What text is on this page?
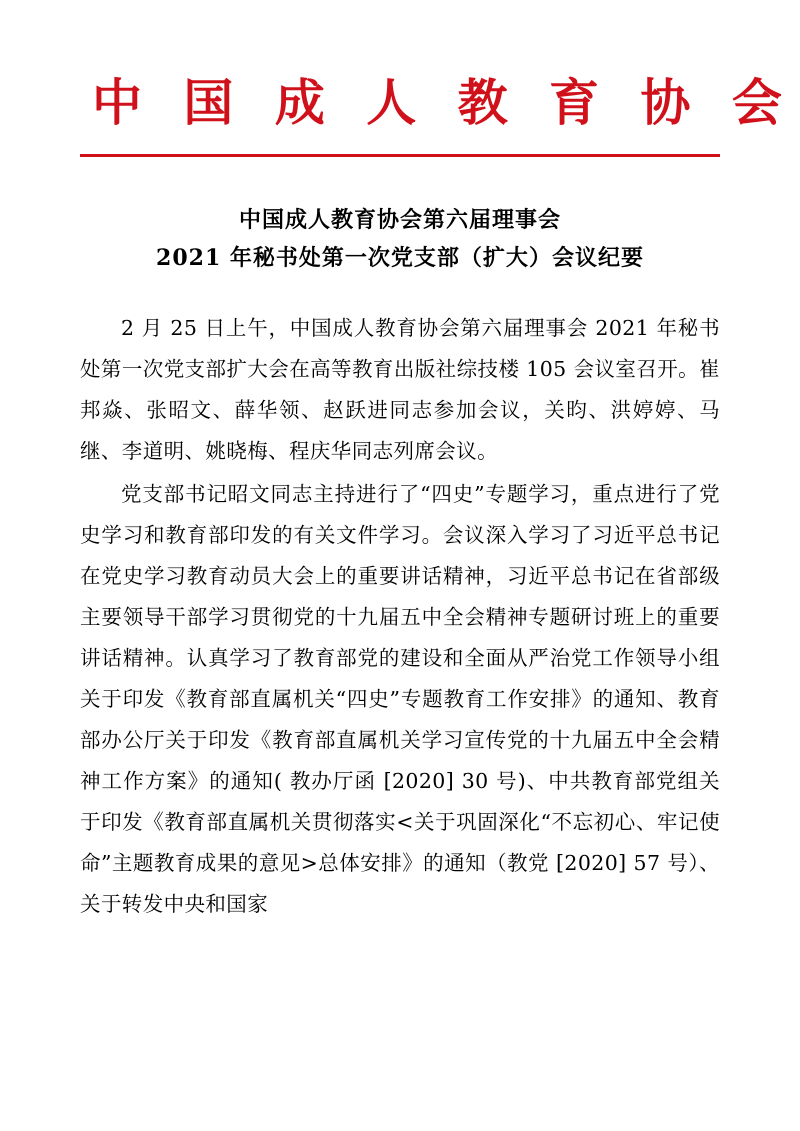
中 国 成 人 教 育 协 会
中国成人教育协会第六届理事会
2021 年秘书处第一次党支部（扩大）会议纪要

2 月 25 日上午，中国成人教育协会第六届理事会 2021 年秘书处第一次党支部扩大会在高等教育出版社综技楼 105 会议室召开。崔邦焱、张昭文、薛华领、赵跃进同志参加会议，关昀、洪婷婷、马继、李道明、姚晓梅、程庆华同志列席会议。

党支部书记昭文同志主持进行了“四史”专题学习，重点进行了党史学习和教育部印发的有关文件学习。会议深入学习了习近平总书记在党史学习教育动员大会上的重要讲话精神，习近平总书记在省部级主要领导干部学习贯彻党的十九届五中全会精神专题研讨班上的重要讲话精神。认真学习了教育部党的建设和全面从严治党工作领导小组 关于印发《教育部直属机关“四史”专题教育工作安排》的通知、教育部办公厅关于印发《教育部直属机关学习宣传党的十九届五中全会精神工作方案》的通知( 教办厅函 [2020] 30 号)、中共教育部党组关于印发《教育部直属机关贯彻落实<关于巩固深化“不忘初心、牢记使命”主题教育成果的意见>总体安排》的通知（教党 [2020] 57 号）、关于转发中央和国家
